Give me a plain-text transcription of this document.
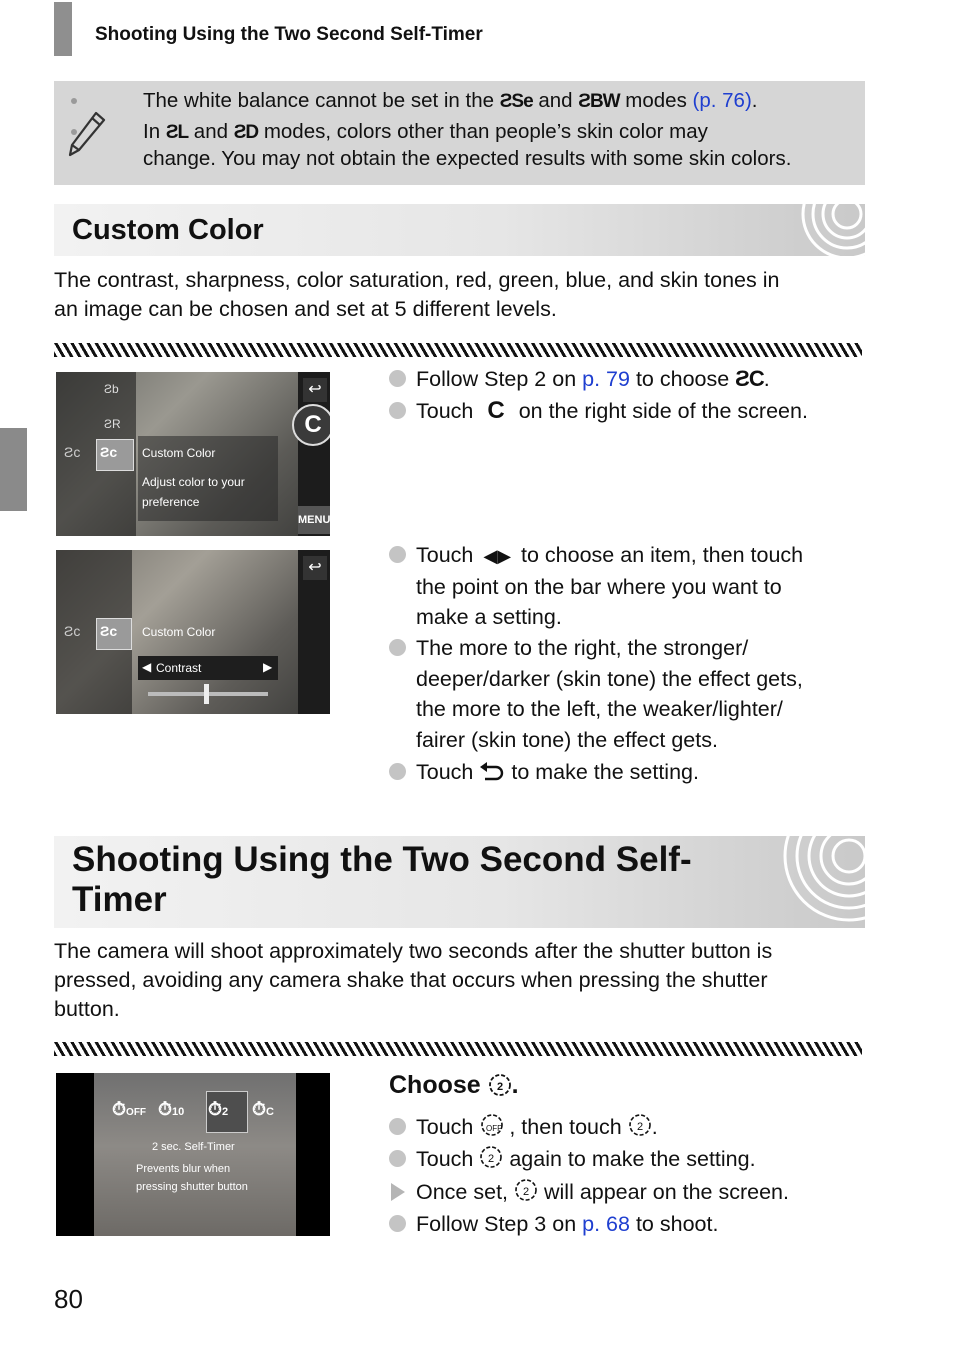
Shooting Using the Two Second Self-Timer
The white balance cannot be set in the ƧSe and ƧBW modes (p. 76).
In ƧL and ƧD modes, colors other than people’s skin color may
change. You may not obtain the expected results with some skin colors.
Custom Color
The contrast, sharpness, color saturation, red, green, blue, and skin tones in
an image can be chosen and set at 5 different levels.
Ƨc
Ƨc
Ƨb
ƧR
Custom Color
Adjust color to your
preference
↩
C
MENU
Follow Step 2 on p. 79 to choose ƧC.
Touch C on the right side of the screen.
Ƨc
Ƨc	Custom Color
◀ Contrast	▶
↩
Touch ◀▶ to choose an item, then touch
the point on the bar where you want to
make a setting.
The more to the right, the stronger/
deeper/darker (skin tone) the effect gets,
the more to the left, the weaker/lighter/
fairer (skin tone) the effect gets.
Touch to make the setting.
Shooting Using the Two Second Self-
Timer
The camera will shoot approximately two seconds after the shutter button is
pressed, avoiding any camera shake that occurs when pressing the shutter
button.
⏱OFF ⏱10 ⏱2 ⏱C
2 sec. Self-Timer
Prevents blur when
pressing shutter button
Choose 2 .
Touch OFF , then touch 2 .
Touch 2 again to make the setting.
Once set, 2 will appear on the screen.
Follow Step 3 on p. 68 to shoot.
80
